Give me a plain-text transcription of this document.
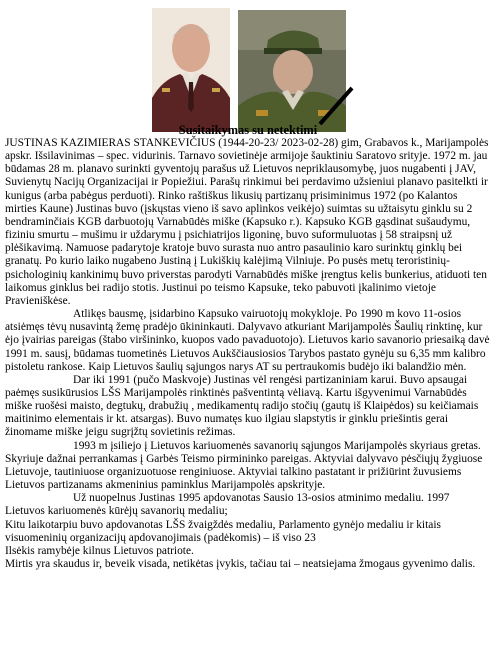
Susitaikymas su netektimi

JUSTINAS KAZIMIERAS STANKEVIČIUS (1944-20-23/ 2023-02-28) gim, Grabavos k., Marijampolės apskr. Išsilavinimas – spec. vidurinis. Tarnavo sovietinėje armijoje šauktiniu Saratovo srityje. 1972 m. jau būdamas 28 m. planavo surinkti gyventojų parašus už Lietuvos nepriklausomybę, juos nugabenti į JAV, Suvienytų Nacijų Organizacijai ir Popiežiui. Parašų rinkimui bei perdavimo užsieniui planavo pasitelkti ir kunigus (arba pabėgus perduoti). Rinko raštiškus likusių partizanų prisiminimus 1972 (po Kalantos mirties Kaune) Justinas buvo (įskųstas vieno iš savo aplinkos veikėjo) suimtas su užtaisytu ginklu su 2 bendraminčiais KGB darbuotojų Varnabūdės miške (Kapsuko r.). Kapsuko KGB gąsdinat sušaudymu, fiziniu smurtu – mušimu ir uždarymu į psichiatrijos ligoninę, buvo suformuluotas į 58 straipsnį už plėšikavimą. Namuose padarytoje kratoje buvo surasta nuo antro pasaulinio karo surinktų ginklų bei granatų. Po kurio laiko nugabeno Justiną į Lukiškių kalėjimą Vilniuje. Po pusės metų teroristinių-psichologinių kankinimų buvo priverstas parodyti Varnabūdės miške įrengtus kelis bunkerius, atiduoti ten laikomus ginklus bei radijo stotis. Justinui po teismo Kapsuke, teko pabuvoti įkalinimo vietoje Pravieniškėse.

Atlikęs bausmę, įsidarbino Kapsuko vairuotojų mokykloje. Po 1990 m kovo 11-osios atsiėmęs tėvų nusavintą žemę pradėjo ūkininkauti. Dalyvavo atkuriant Marijampolės Šaulių rinktinę, kur ėjo įvairias pareigas (štabo viršininko, kuopos vado pavaduotojo). Lietuvos kario savanorio priesaiką davė 1991 m. sausį, būdamas tuometinės Lietuvos Aukščiausiosios Tarybos pastato gynėju su 6,35 mm kalibro pistoletu rankose. Kaip Lietuvos šaulių sąjungos narys AT su pertraukomis budėjo iki balandžio mėn.

Dar iki 1991 (pučo Maskvoje) Justinas vėl rengėsi partizaniniam karui. Buvo apsaugai paėmęs susikūrusios LŠS Marijampolės rinktinės pašventintą vėliavą. Kartu išgyvenimui Varnabūdės miške ruošėsi maisto, degtukų, drabužių , medikamentų radijo stočių (gautų iš Klaipėdos) su keičiamais maitinimo elementais ir kt. atsargas). Buvo numatęs kuo ilgiau slapstytis ir ginklu priešintis gerai žinomame miške jeigu sugrįžtų sovietinis režimas.

1993 m įsiliejo į Lietuvos kariuomenės savanorių sąjungos Marijampolės skyriaus gretas. Skyriuje dažnai perrankamas į Garbės Teismo pirmininko pareigas. Aktyviai dalyvavo pėsčiųjų žygiuose Lietuvoje, tautiniuose organizuotuose renginiuose. Aktyviai talkino pastatant ir prižiūrint žuvusiems Lietuvos partizanams akmeninius paminklus Marijampolės apskrityje.

Už nuopelnus Justinas 1995 apdovanotas Sausio 13-osios atminimo medaliu. 1997 Lietuvos kariuomenės kūrėjų savanorių medaliu;

Kitu laikotarpiu buvo apdovanotas LŠS žvaigždės medaliu, Parlamento gynėjo medaliu ir kitais visuomeninių organizacijų apdovanojimais (padėkomis) – iš viso 23

Ilsėkis ramybėje kilnus Lietuvos patriote.

Mirtis yra skaudus ir, beveik visada, netikėtas įvykis, tačiau tai – neatsiejama žmogaus gyvenimo dalis.
